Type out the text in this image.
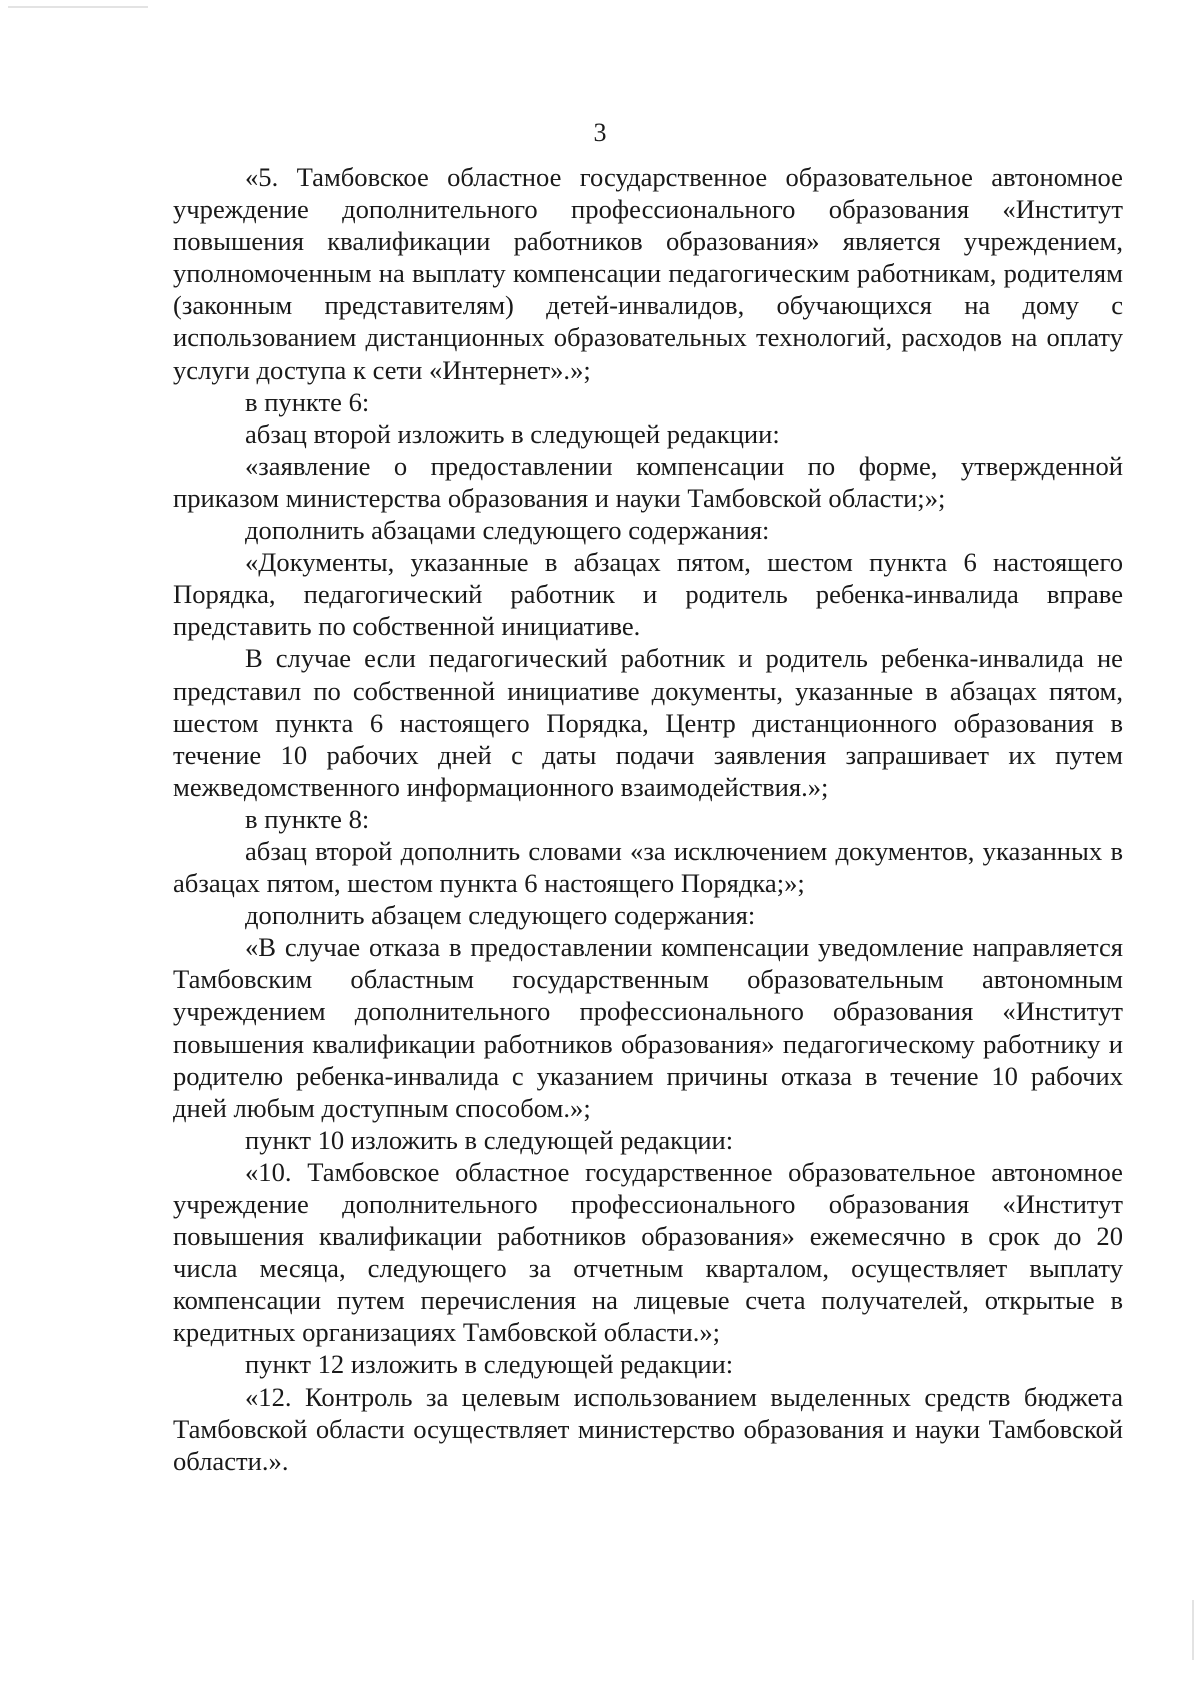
3

«5. Тамбовское областное государственное образовательное автономное учреждение дополнительного профессионального образования «Институт повышения квалификации работников образования» является учреждением, уполномоченным на выплату компенсации педагогическим работникам, родителям (законным представителям) детей-инвалидов, обучающихся на дому с использованием дистанционных образовательных технологий, расходов на оплату услуги доступа к сети «Интернет».»;

в пункте 6:

абзац второй изложить в следующей редакции:

«заявление о предоставлении компенсации по форме, утвержденной приказом министерства образования и науки Тамбовской области;»;

дополнить абзацами следующего содержания:

«Документы, указанные в абзацах пятом, шестом пункта 6 настоящего Порядка, педагогический работник и родитель ребенка-инвалида вправе представить по собственной инициативе.

В случае если педагогический работник и родитель ребенка-инвалида не представил по собственной инициативе документы, указанные в абзацах пятом, шестом пункта 6 настоящего Порядка, Центр дистанционного образования в течение 10 рабочих дней с даты подачи заявления запрашивает их путем межведомственного информационного взаимодействия.»;

в пункте 8:

абзац второй дополнить словами «за исключением документов, указанных в абзацах пятом, шестом пункта 6 настоящего Порядка;»;

дополнить абзацем следующего содержания:

«В случае отказа в предоставлении компенсации уведомление направляется Тамбовским областным государственным образовательным автономным учреждением дополнительного профессионального образования «Институт повышения квалификации работников образования» педагогическому работнику и родителю ребенка-инвалида с указанием причины отказа в течение 10 рабочих дней любым доступным способом.»;

пункт 10 изложить в следующей редакции:

«10. Тамбовское областное государственное образовательное автономное учреждение дополнительного профессионального образования «Институт повышения квалификации работников образования» ежемесячно в срок до 20 числа месяца, следующего за отчетным кварталом, осуществляет выплату компенсации путем перечисления на лицевые счета получателей, открытые в кредитных организациях Тамбовской области.»;

пункт 12 изложить в следующей редакции:

«12. Контроль за целевым использованием выделенных средств бюджета Тамбовской области осуществляет министерство образования и науки Тамбовской области.».
